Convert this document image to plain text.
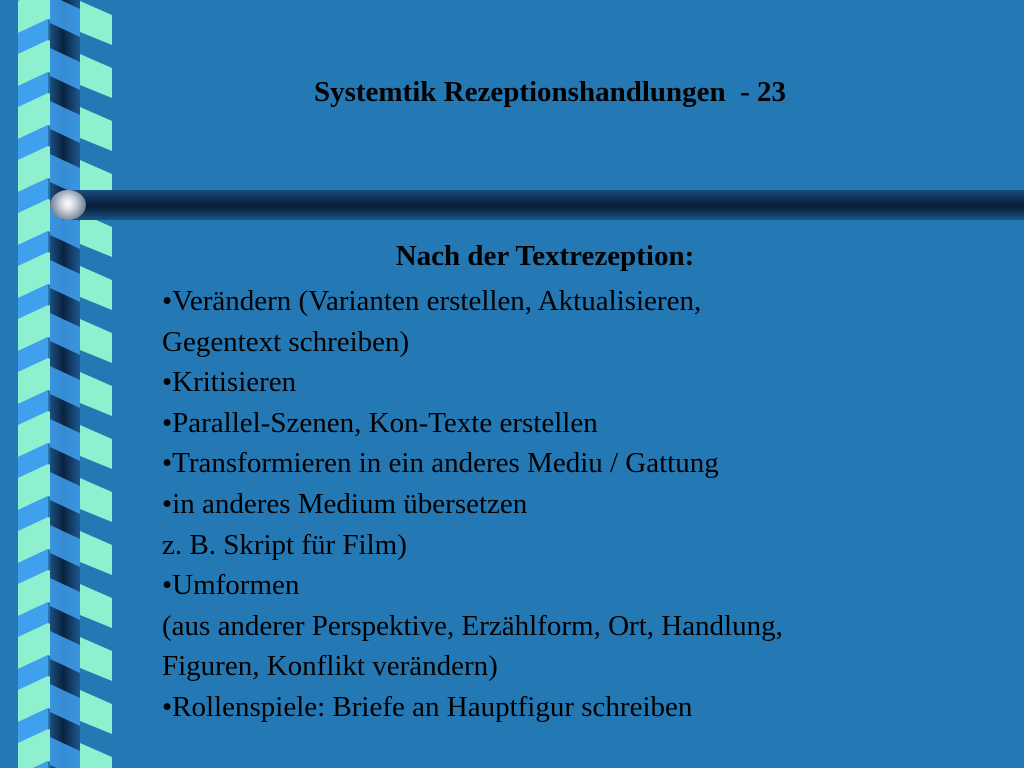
Systemtik Rezeptionshandlungen  - 23
Nach der Textrezeption:
•Verändern (Varianten erstellen, Aktualisieren,
Gegentext schreiben)
•Kritisieren
•Parallel-Szenen, Kon-Texte erstellen
•Transformieren in ein anderes Mediu / Gattung
•in anderes Medium übersetzen
z. B. Skript für Film)
•Umformen
(aus anderer Perspektive, Erzählform, Ort, Handlung,
Figuren, Konflikt verändern)
•Rollenspiele: Briefe an Hauptfigur schreiben
